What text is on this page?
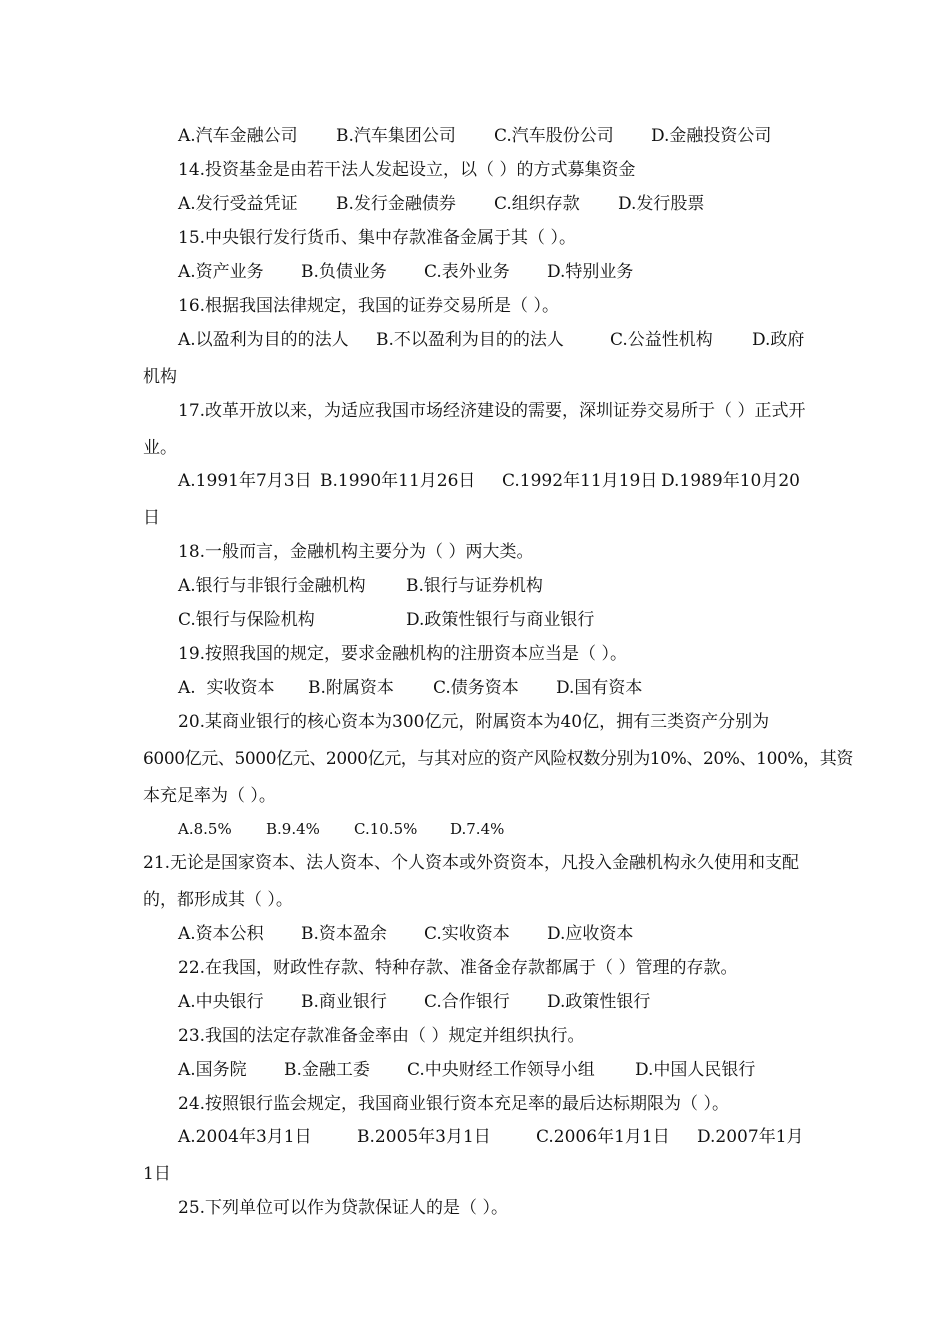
A.汽车金融公司 B.汽车集团公司 C.汽车股份公司 D.金融投资公司
14.投资基金是由若干法人发起设立，以（ ）的方式募集资金
A.发行受益凭证 B.发行金融债券 C.组织存款 D.发行股票
15.中央银行发行货币、集中存款准备金属于其（ ）。
A.资产业务 B.负债业务 C.表外业务 D.特别业务
16.根据我国法律规定，我国的证券交易所是（ ）。
A.以盈利为目的的法人 B.不以盈利为目的的法人	C.公益性机构 D.政府
机构
17.改革开放以来，为适应我国市场经济建设的需要，深圳证券交易所于（ ）正式开
业。
A.1991年7月3日 B.1990年11月26日 C.1992年11月19日 D.1989年10月20
日
18.一般而言，金融机构主要分为（ ）两大类。
A.银行与非银行金融机构 B.银行与证券机构
C.银行与保险机构	D.政策性银行与商业银行
19.按照我国的规定，要求金融机构的注册资本应当是（ ）。
A.  实收资本 B.附属资本 C.债务资本 D.国有资本
20.某商业银行的核心资本为300亿元，附属资本为40亿，拥有三类资产分别为
6000亿元、5000亿元、2000亿元，与其对应的资产风险权数分别为10%、20%、100%，其资
本充足率为（ ）。
A.8.5% B.9.4% C.10.5% D.7.4%
21.无论是国家资本、法人资本、个人资本或外资资本，凡投入金融机构永久使用和支配
的，都形成其（ ）。
A.资本公积 B.资本盈余 C.实收资本 D.应收资本
22.在我国，财政性存款、特种存款、准备金存款都属于（ ）管理的存款。
A.中央银行 B.商业银行 C.合作银行 D.政策性银行
23.我国的法定存款准备金率由（ ）规定并组织执行。
A.国务院 B.金融工委 C.中央财经工作领导小组 D.中国人民银行
24.按照银行监会规定，我国商业银行资本充足率的最后达标期限为（ ）。
A.2004年3月1日	B.2005年3月1日	C.2006年1月1日 D.2007年1月
1日
25.下列单位可以作为贷款保证人的是（ ）。
